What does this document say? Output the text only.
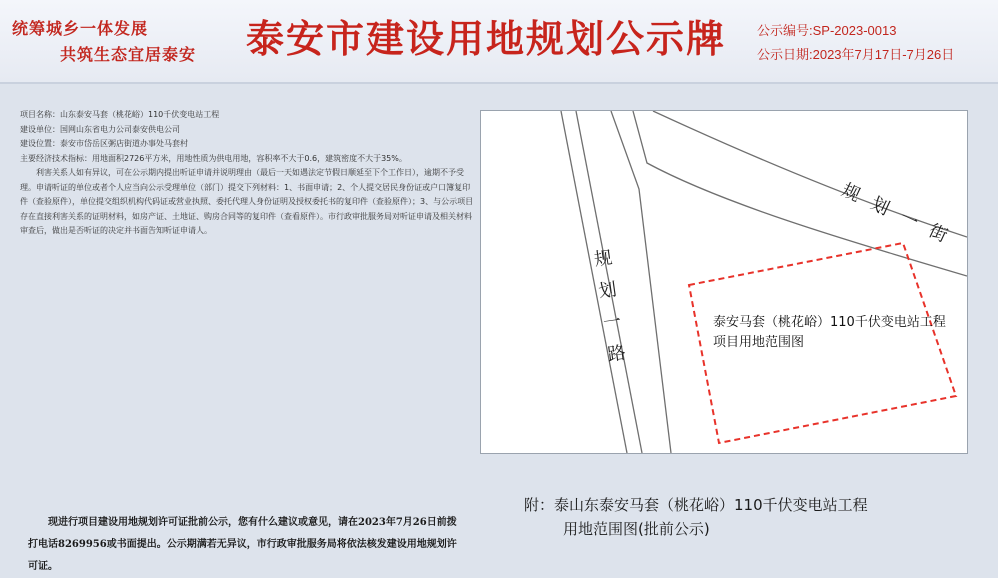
统筹城乡一体发展
共筑生态宜居泰安 泰安市建设用地规划公示牌 公示编号:SP-2023-0013
公示日期:2023年7月17日-7月26日

项目名称：山东泰安马套（桃花峪）110千伏变电站工程

建设单位：国网山东省电力公司泰安供电公司

建设位置：泰安市岱岳区粥店街道办事处马套村

主要经济技术指标：用地面积2726平方米，用地性质为供电用地，容积率不大于0.6，建筑密度不大于35%。

利害关系人如有异议，可在公示期内提出听证申请并说明理由（最后一天如遇法定节假日顺延至下个工作日），逾期不予受理。申请听证的单位或者个人应当向公示受理单位（部门）提交下列材料：1、书面申请；2、个人提交居民身份证或户口簿复印件（查验原件），单位提交组织机构代码证或营业执照、委托代理人身份证明及授权委托书的复印件（查验原件）；3、与公示项目存在直接利害关系的证明材料，如房产证、土地证、购房合同等的复印件（查看原件）。市行政审批服务局对听证申请及相关材料审查后，做出是否听证的决定并书面告知听证申请人。	规划一街
规划一路
泰安马套（桃花峪）110千伏变电站工程项目用地范围图
附：泰山东泰安马套（桃花峪）110千伏变电站工程
用地范围图(批前公示)
现进行项目建设用地规划许可证批前公示，您有什么建议或意见，请在2023年7月26日前拨打电话8269956或书面提出。公示期满若无异议，市行政审批服务局将依法核发建设用地规划许可证。
